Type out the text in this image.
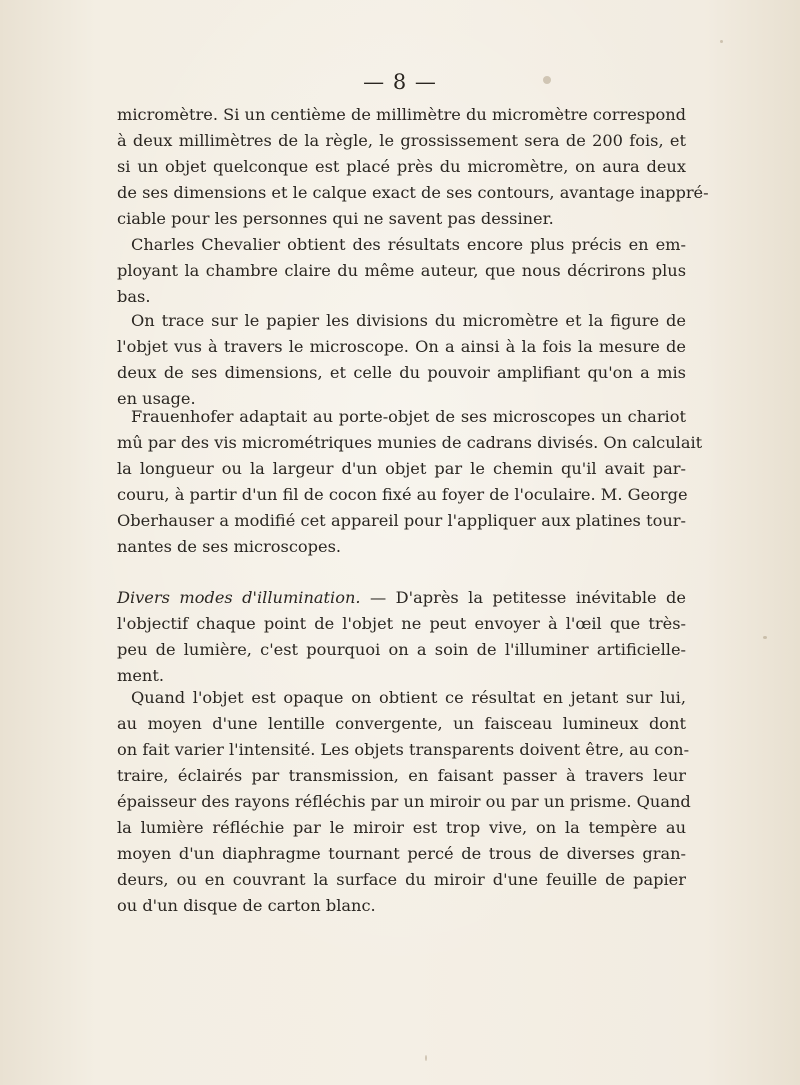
— 8 —
micromètre. Si un centième de millimètre du micromètre correspond
à deux millimètres de la règle, le grossissement sera de 200 fois, et
si un objet quelconque est placé près du micromètre, on aura deux
de ses dimensions et le calque exact de ses contours, avantage inappré-
ciable pour les personnes qui ne savent pas dessiner.
Charles Chevalier obtient des résultats encore plus précis en em-
ployant la chambre claire du même auteur, que nous décrirons plus
bas.
On trace sur le papier les divisions du micromètre et la figure de
l'objet vus à travers le microscope. On a ainsi à la fois la mesure de
deux de ses dimensions, et celle du pouvoir amplifiant qu'on a mis
en usage.
Frauenhofer adaptait au porte-objet de ses microscopes un chariot
mû par des vis micrométriques munies de cadrans divisés. On calculait
la longueur ou la largeur d'un objet par le chemin qu'il avait par-
couru, à partir d'un fil de cocon fixé au foyer de l'oculaire. M. George
Oberhauser a modifié cet appareil pour l'appliquer aux platines tour-
nantes de ses microscopes.
Divers modes d'illumination. — D'après la petitesse inévitable de
l'objectif chaque point de l'objet ne peut envoyer à l'œil que très-
peu de lumière, c'est pourquoi on a soin de l'illuminer artificielle-
ment.
Quand l'objet est opaque on obtient ce résultat en jetant sur lui,
au moyen d'une lentille convergente, un faisceau lumineux dont
on fait varier l'intensité. Les objets transparents doivent être, au con-
traire, éclairés par transmission, en faisant passer à travers leur
épaisseur des rayons réfléchis par un miroir ou par un prisme. Quand
la lumière réfléchie par le miroir est trop vive, on la tempère au
moyen d'un diaphragme tournant percé de trous de diverses gran-
deurs, ou en couvrant la surface du miroir d'une feuille de papier
ou d'un disque de carton blanc.
